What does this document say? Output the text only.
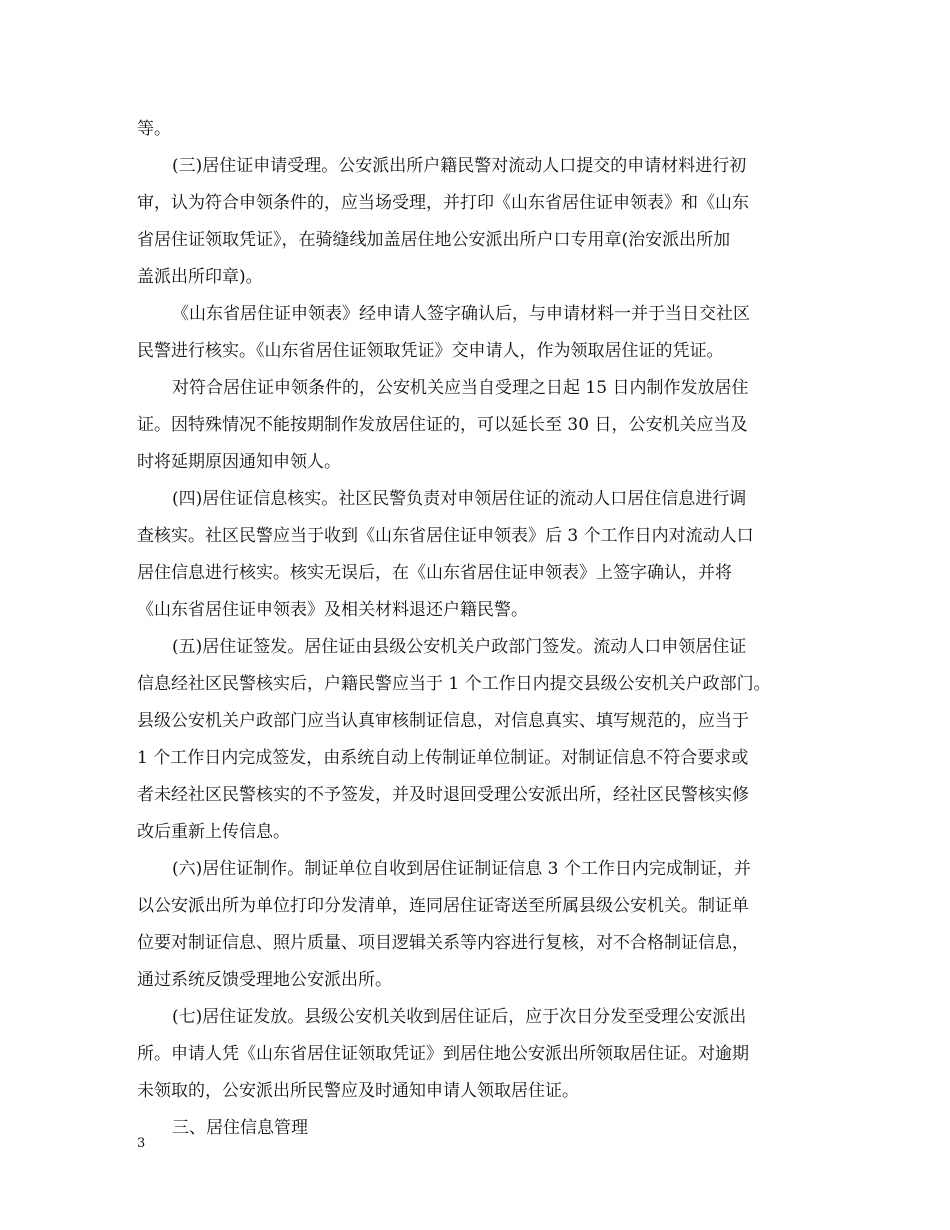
等。
(三)居住证申请受理。公安派出所户籍民警对流动人口提交的申请材料进行初
审，认为符合申领条件的，应当场受理，并打印《山东省居住证申领表》和《山东
省居住证领取凭证》，在骑缝线加盖居住地公安派出所户口专用章(治安派出所加
盖派出所印章)。
《山东省居住证申领表》经申请人签字确认后，与申请材料一并于当日交社区
民警进行核实。《山东省居住证领取凭证》交申请人，作为领取居住证的凭证。
对符合居住证申领条件的，公安机关应当自受理之日起 15 日内制作发放居住
证。因特殊情况不能按期制作发放居住证的，可以延长至 30 日，公安机关应当及
时将延期原因通知申领人。
(四)居住证信息核实。社区民警负责对申领居住证的流动人口居住信息进行调
查核实。社区民警应当于收到《山东省居住证申领表》后 3 个工作日内对流动人口
居住信息进行核实。核实无误后，在《山东省居住证申领表》上签字确认，并将
《山东省居住证申领表》及相关材料退还户籍民警。
(五)居住证签发。居住证由县级公安机关户政部门签发。流动人口申领居住证
信息经社区民警核实后，户籍民警应当于 1 个工作日内提交县级公安机关户政部门。
县级公安机关户政部门应当认真审核制证信息，对信息真实、填写规范的，应当于
1 个工作日内完成签发，由系统自动上传制证单位制证。对制证信息不符合要求或
者未经社区民警核实的不予签发，并及时退回受理公安派出所，经社区民警核实修
改后重新上传信息。
(六)居住证制作。制证单位自收到居住证制证信息 3 个工作日内完成制证，并
以公安派出所为单位打印分发清单，连同居住证寄送至所属县级公安机关。制证单
位要对制证信息、照片质量、项目逻辑关系等内容进行复核，对不合格制证信息，
通过系统反馈受理地公安派出所。
(七)居住证发放。县级公安机关收到居住证后，应于次日分发至受理公安派出
所。申请人凭《山东省居住证领取凭证》到居住地公安派出所领取居住证。对逾期
未领取的，公安派出所民警应及时通知申请人领取居住证。
三、居住信息管理
3
